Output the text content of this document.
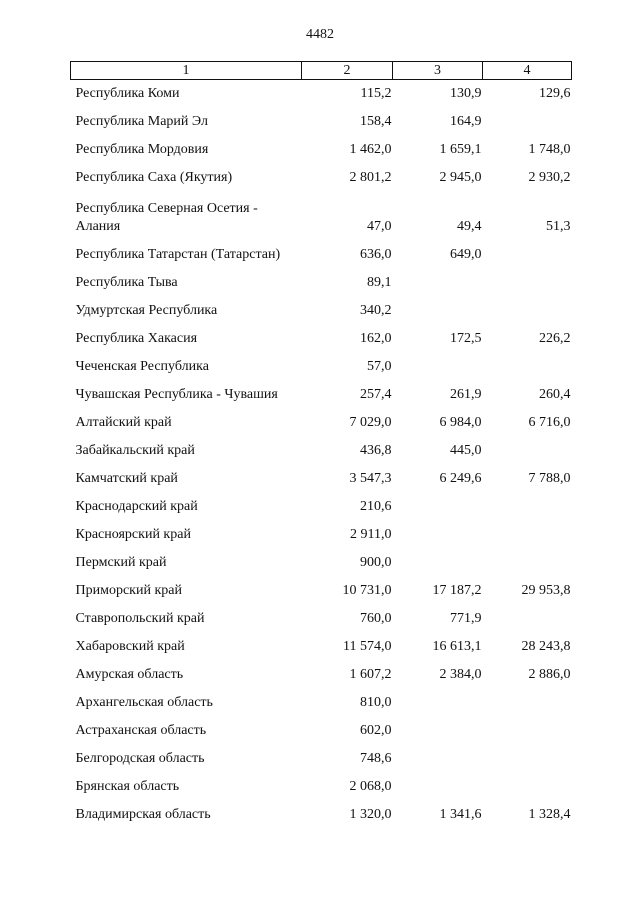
4482
1	2	3	4
Республика Коми	115,2	130,9	129,6
Республика Марий Эл	158,4	164,9	
Республика Мордовия	1 462,0	1 659,1	1 748,0
Республика Саха (Якутия)	2 801,2	2 945,0	2 930,2
Республика Северная Осетия - Алания	47,0	49,4	51,3
Республика Татарстан (Татарстан)	636,0	649,0	
Республика Тыва	89,1		
Удмуртская Республика	340,2		
Республика Хакасия	162,0	172,5	226,2
Чеченская Республика	57,0		
Чувашская Республика - Чувашия	257,4	261,9	260,4
Алтайский край	7 029,0	6 984,0	6 716,0
Забайкальский край	436,8	445,0	
Камчатский край	3 547,3	6 249,6	7 788,0
Краснодарский край	210,6		
Красноярский край	2 911,0		
Пермский край	900,0		
Приморский край	10 731,0	17 187,2	29 953,8
Ставропольский край	760,0	771,9	
Хабаровский край	11 574,0	16 613,1	28 243,8
Амурская область	1 607,2	2 384,0	2 886,0
Архангельская область	810,0		
Астраханская область	602,0		
Белгородская область	748,6		
Брянская область	2 068,0		
Владимирская область	1 320,0	1 341,6	1 328,4
